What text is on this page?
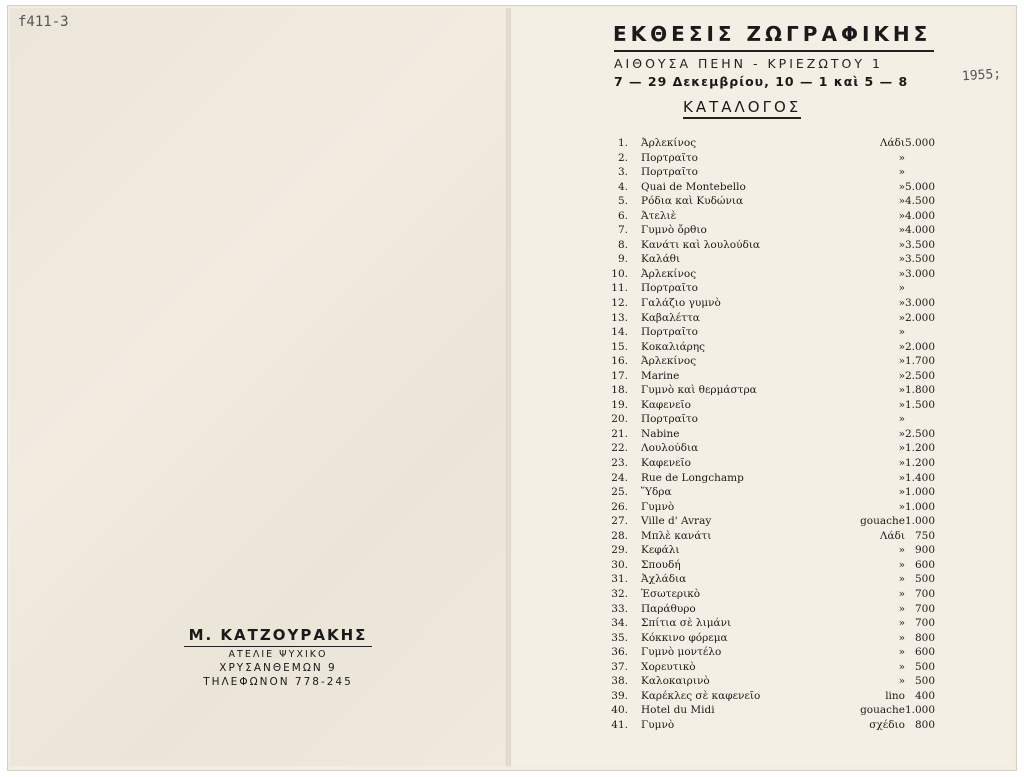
f411-3
1955;
ΕΚΘΕΣΙΣ ΖΩΓΡΑΦΙΚΗΣ
ΑΙΘΟΥΣΑ ΠΕΗΝ - ΚΡΙΕΖΩΤΟΥ 1
7 — 29 Δεκεμβρίου, 10 — 1 καὶ 5 — 8
ΚΑΤΑΛΟΓΟΣ
1. Ἀρλεκίνος	Λάδι 5.000
2. Πορτραῖτο	»
3. Πορτραῖτο	»
4. Quai de Montebello	» 5.000
5. Ρόδια καὶ Κυδώνια	» 4.500
6. Ἀτελιὲ	» 4.000
7. Γυμνὸ ὄρθιο	» 4.000
8. Κανάτι καὶ λουλούδια	» 3.500
9. Καλάθι	» 3.500
10. Ἀρλεκίνος	» 3.000
11. Πορτραῖτο	»
12. Γαλάζιο γυμνὸ	» 3.000
13. Καβαλέττα	» 2.000
14. Πορτραῖτο	»
15. Κοκαλιάρης	» 2.000
16. Ἀρλεκίνος	» 1.700
17. Marine	» 2.500
18. Γυμνὸ καὶ θερμάστρα	» 1.800
19. Καφενεῖο	» 1.500
20. Πορτραῖτο	»
21. Nabine	» 2.500
22. Λουλούδια	» 1.200
23. Καφενεῖο	» 1.200
24. Rue de Longchamp	» 1.400
25. Ὕδρα	» 1.000
26. Γυμνὸ	» 1.000
27. Ville d' Avray	gouache 1.000
28. Μπλὲ κανάτι	Λάδι 750
29. Κεφάλι	» 900
30. Σπουδή	» 600
31. Ἀχλάδια	» 500
32. Ἐσωτερικὸ	» 700
33. Παράθυρο	» 700
34. Σπίτια σὲ λιμάνι	» 700
35. Κόκκινο φόρεμα	» 800
36. Γυμνὸ μοντέλο	» 600
37. Χορευτικὸ	» 500
38. Καλοκαιρινὸ	» 500
39. Καρέκλες σὲ καφενεῖο	lino 400
40. Hotel du Midi	gouache 1.000
41. Γυμνὸ	σχέδιο 800
Μ. ΚΑΤΖΟΥΡΑΚΗΣ
ΑΤΕΛΙΕ ΨΥΧΙΚΟ
ΧΡΥΣΑΝΘΕΜΩΝ 9
ΤΗΛΕΦΩΝΟΝ 778-245
